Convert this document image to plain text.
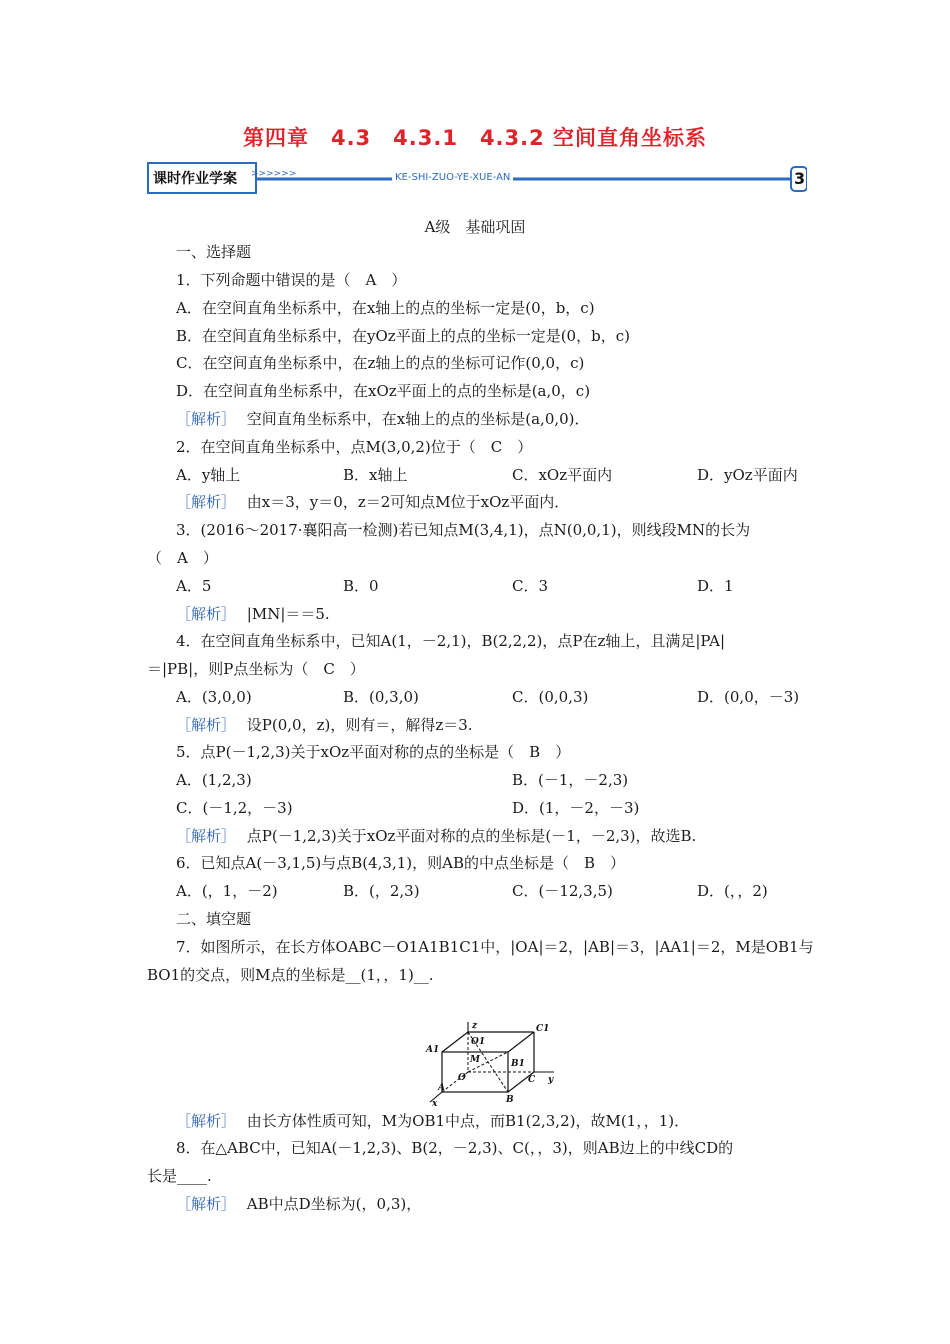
第四章　4.3　4.3.1　4.3.2 空间直角坐标系
课时作业学案 >>>>>>	KE-SHI-ZUO-YE-XUE-AN	3
A级　基础巩固
一、选择题
1．下列命题中错误的是（　A　）
A．在空间直角坐标系中，在x轴上的点的坐标一定是(0，b，c)
B．在空间直角坐标系中，在yOz平面上的点的坐标一定是(0，b，c)
C．在空间直角坐标系中，在z轴上的点的坐标可记作(0,0，c)
D．在空间直角坐标系中，在xOz平面上的点的坐标是(a,0，c)
［解析］ 空间直角坐标系中，在x轴上的点的坐标是(a,0,0)．
2．在空间直角坐标系中，点M(3,0,2)位于（　C　）
A．y轴上	B．x轴上	C．xOz平面内	D．yOz平面内
［解析］ 由x＝3，y＝0，z＝2可知点M位于xOz平面内．
3．(2016～2017·襄阳高一检测)若已知点M(3,4,1)，点N(0,0,1)，则线段MN的长为
（　A　）
A．5	B．0	C．3	D．1
［解析］ |MN|＝＝5.
4．在空间直角坐标系中，已知A(1，－2,1)，B(2,2,2)，点P在z轴上，且满足|PA|
＝|PB|，则P点坐标为（　C　）
A．(3,0,0)	B．(0,3,0)	C．(0,0,3)	D．(0,0，－3)
［解析］ 设P(0,0，z)，则有＝，解得z＝3.
5．点P(－1,2,3)关于xOz平面对称的点的坐标是（　B　）
A．(1,2,3)	B．(－1，－2,3)
C．(－1,2，－3)	D．(1，－2，－3)
［解析］ 点P(－1,2,3)关于xOz平面对称的点的坐标是(－1，－2,3)，故选B.
6．已知点A(－3,1,5)与点B(4,3,1)，则AB的中点坐标是（　B　）
A．(，1，－2)	B．(，2,3)	C．(－12,3,5)	D．(，，2)
二、填空题
7．如图所示，在长方体OABC－O1A1B1C1中，|OA|＝2，|AB|＝3，|AA1|＝2，M是OB1与
BO1的交点，则M点的坐标是__(1，，1)__.
z
O1
C1
A1
M	B1
O	C y
A
B
x
［解析］ 由长方体性质可知，M为OB1中点，而B1(2,3,2)，故M(1，，1)．
8．在△ABC中，已知A(－1,2,3)、B(2，－2,3)、C(，，3)，则AB边上的中线CD的
长是____.
［解析］ AB中点D坐标为(，0,3)，
